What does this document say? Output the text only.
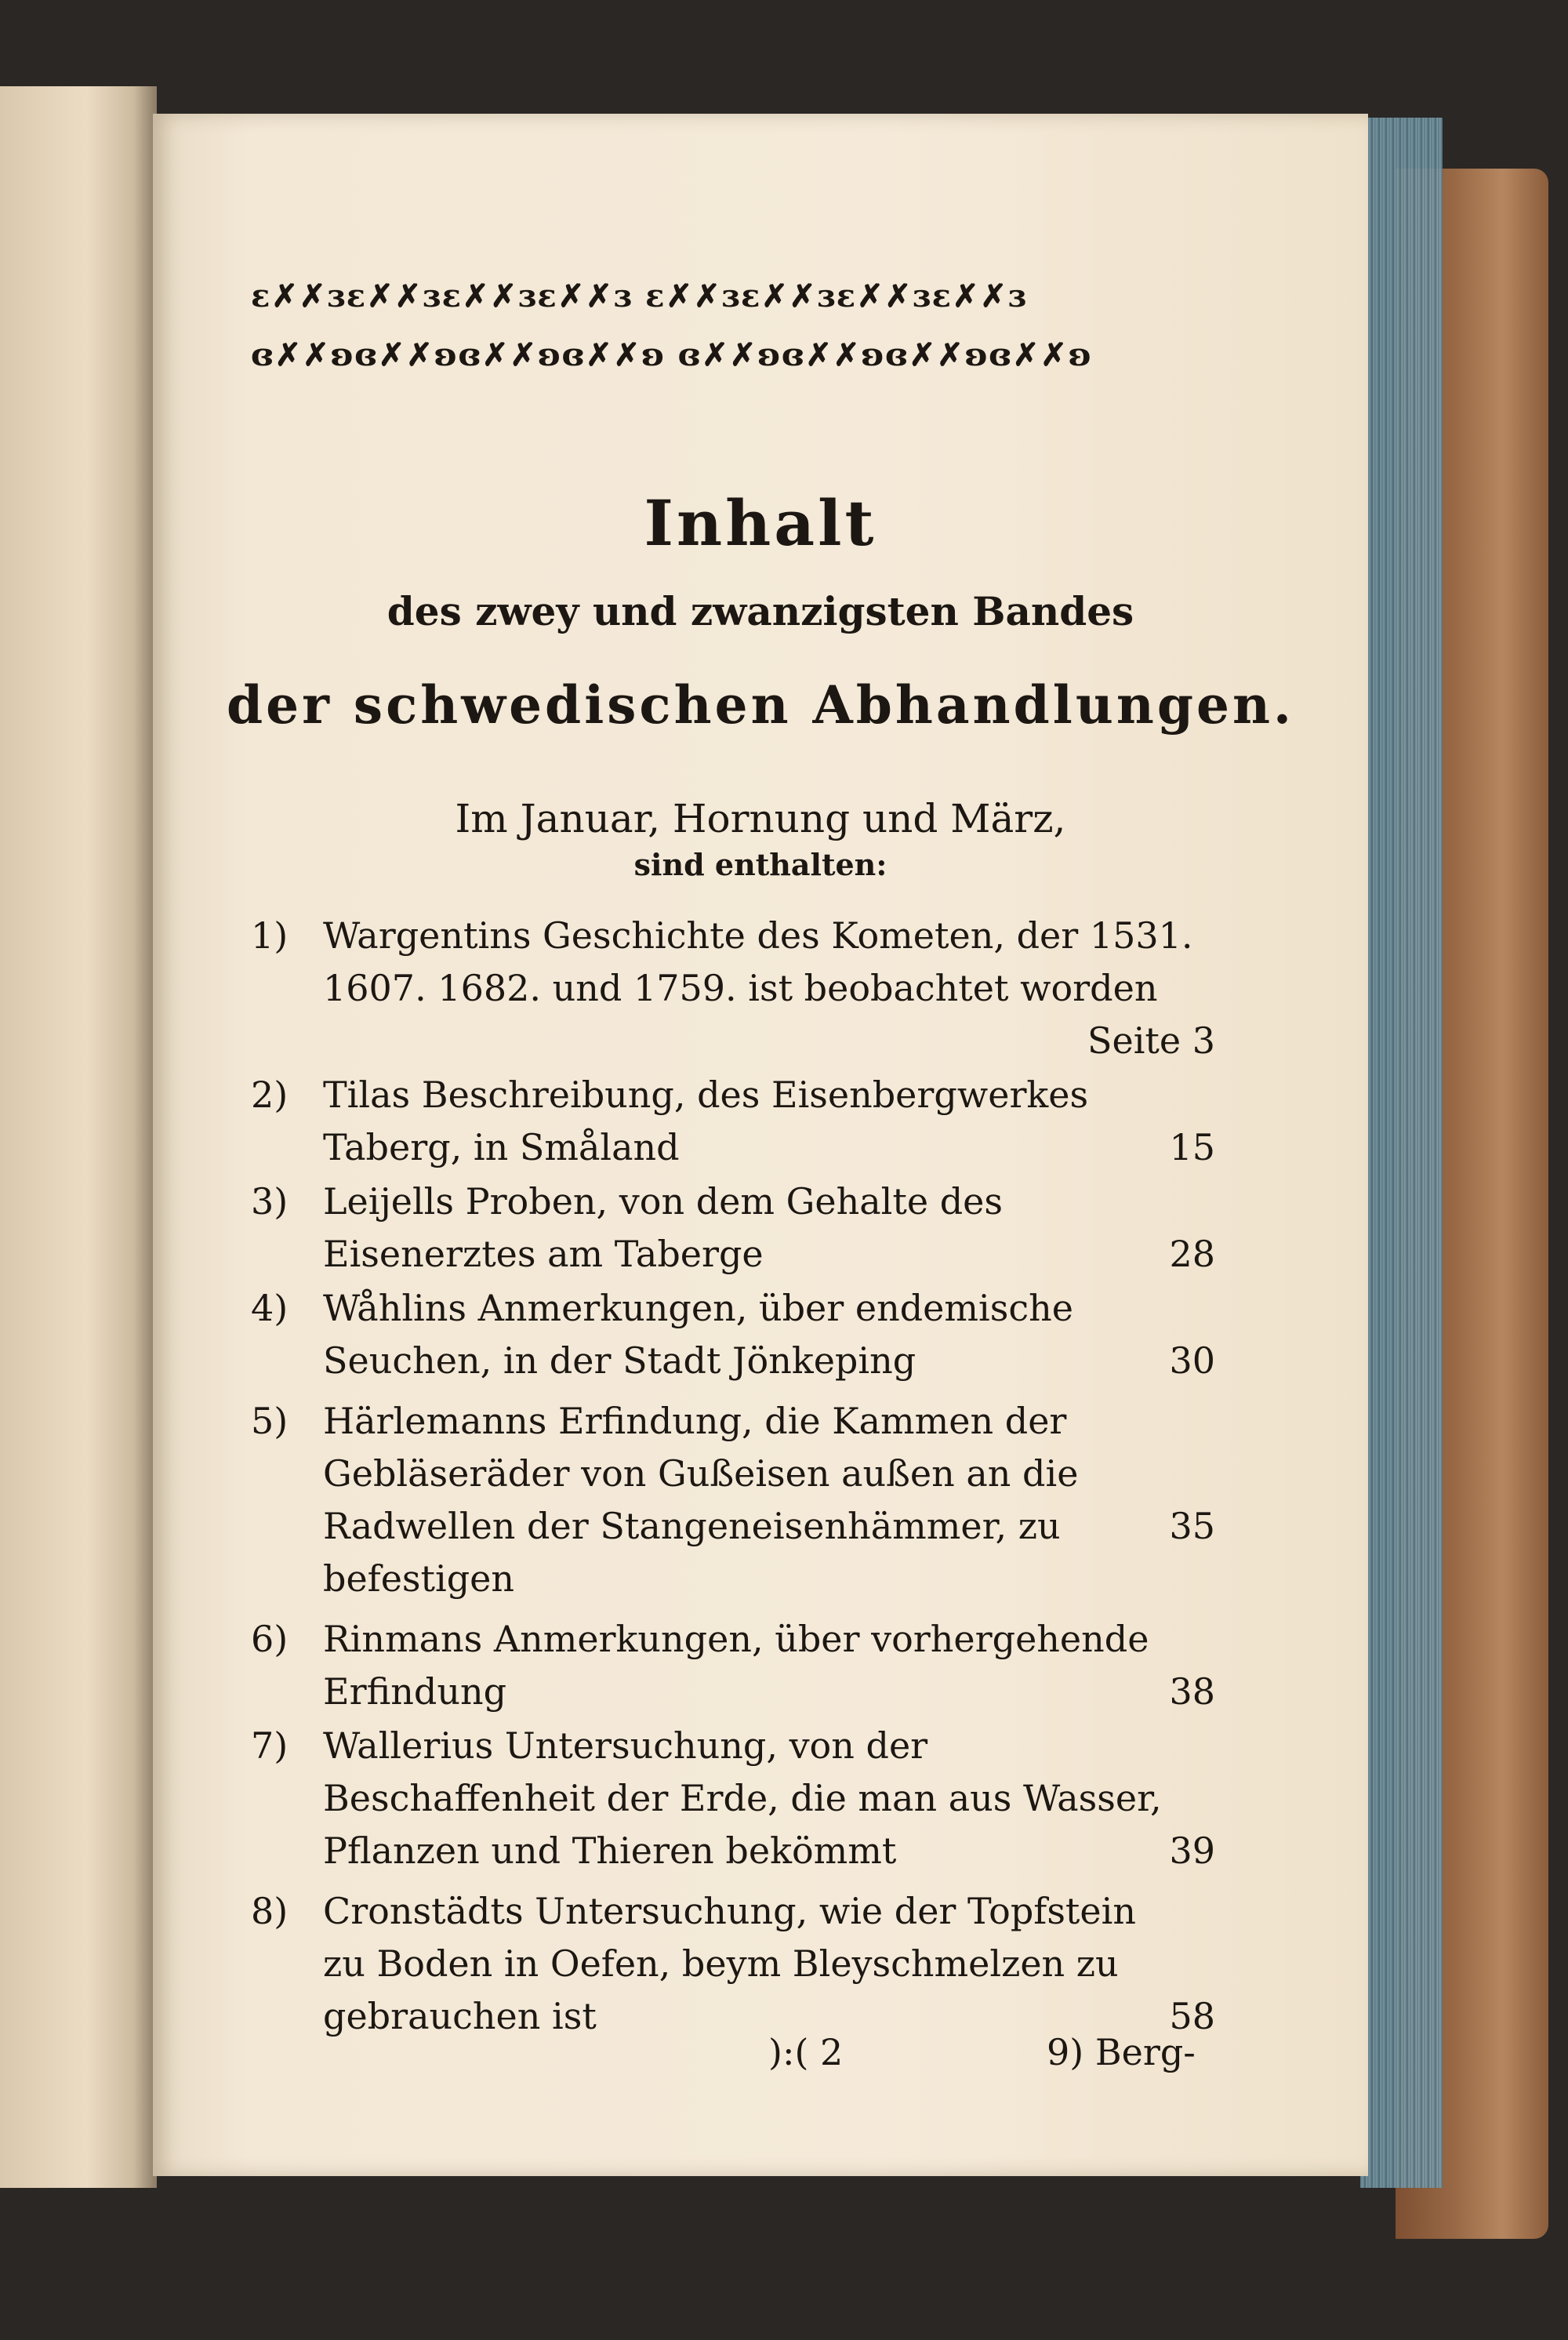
ɛ✗✗ɜɛ✗✗ɜɛ✗✗ɜɛ✗✗ɜ ɛ✗✗ɜɛ✗✗ɜɛ✗✗ɜɛ✗✗ɜ
ɞ✗✗ʚɞ✗✗ʚɞ✗✗ʚɞ✗✗ʚ ɞ✗✗ʚɞ✗✗ʚɞ✗✗ʚɞ✗✗ʚ
Inhalt
des zwey und zwanzigsten Bandes
der schwedischen Abhandlungen.
Im Januar, Hornung und März,
sind enthalten:
1) Wargentins Geschichte des Kometen, der 1531. 1607. 1682. und 1759. ist beobachtet worden
Seite 3
2)
15
Tilas Beschreibung, des Eisenbergwerkes Taberg, in Småland
3)
28
Leijells Proben, von dem Gehalte des Eisenerztes am Taberge
4)
30
Wåhlins Anmerkungen, über endemische Seuchen, in der Stadt Jönkeping
5)
35
Härlemanns Erfindung, die Kammen der Gebläseräder von Gußeisen außen an die Radwellen der Stangeneisenhämmer, zu befestigen
6)
38
Rinmans Anmerkungen, über vorhergehende Erfindung
7)
39
Wallerius Untersuchung, von der Beschaffenheit der Erde, die man aus Wasser, Pflanzen und Thieren bekömmt
8)
58
Cronstädts Untersuchung, wie der Topfstein zu Boden in Oefen, beym Bleyschmelzen zu gebrauchen ist
):( 2	9) Berg-
